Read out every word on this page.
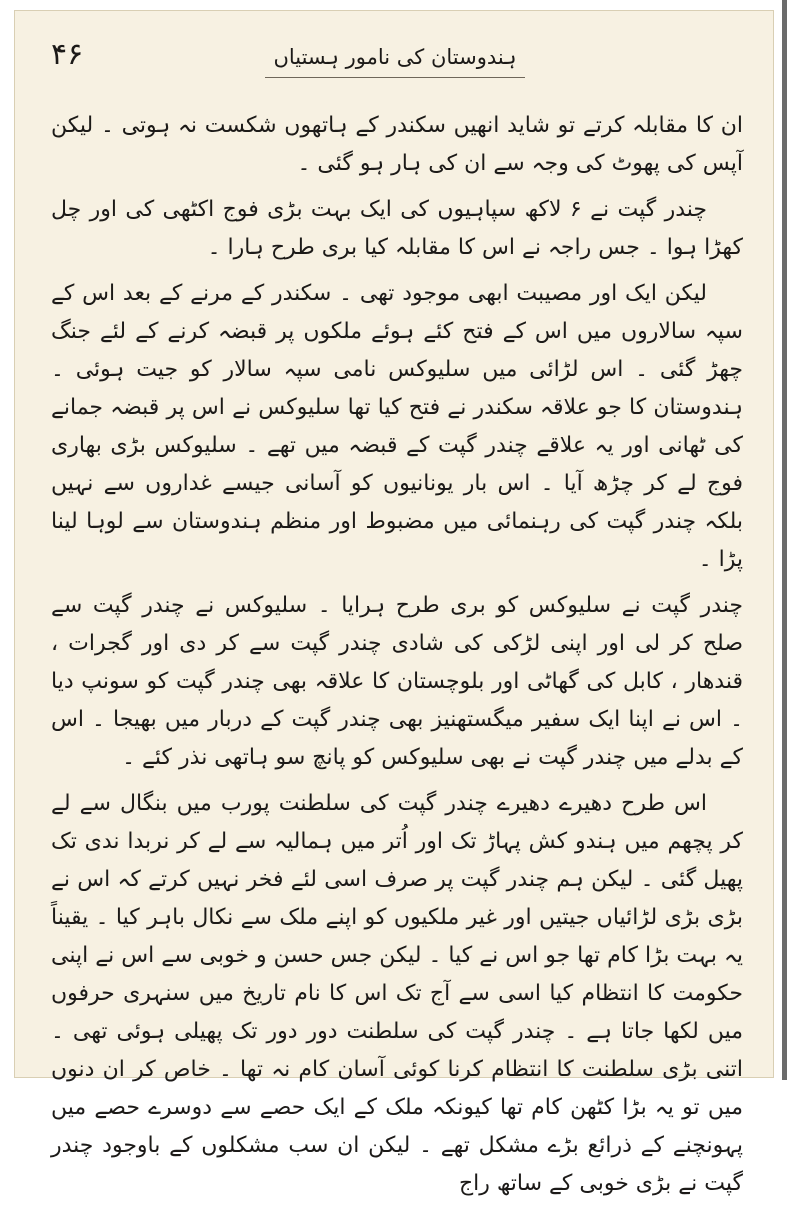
۴۶	ہندوستان کی نامور ہستیاں

ان کا مقابلہ کرتے تو شاید انھیں سکندر کے ہاتھوں شکست نہ ہوتی ۔ لیکن آپس کی پھوٹ کی وجہ سے ان کی ہار ہو گئی ۔

چندر گپت نے ۶ لاکھ سپاہیوں کی ایک بہت بڑی فوج اکٹھی کی اور چل کھڑا ہوا ۔ جس راجہ نے اس کا مقابلہ کیا بری طرح ہارا ۔

لیکن ایک اور مصیبت ابھی موجود تھی ۔ سکندر کے مرنے کے بعد اس کے سپہ سالاروں میں اس کے فتح کئے ہوئے ملکوں پر قبضہ کرنے کے لئے جنگ چھڑ گئی ۔ اس لڑائی میں سلیوکس نامی سپہ سالار کو جیت ہوئی ۔ ہندوستان کا جو علاقہ سکندر نے فتح کیا تھا سلیوکس نے اس پر قبضہ جمانے کی ٹھانی اور یہ علاقے چندر گپت کے قبضہ میں تھے ۔ سلیوکس بڑی بھاری فوج لے کر چڑھ آیا ۔ اس بار یونانیوں کو آسانی جیسے غداروں سے نہیں بلکہ چندر گپت کی رہنمائی میں مضبوط اور منظم ہندوستان سے لوہا لینا پڑا ۔

چندر گپت نے سلیوکس کو بری طرح ہرایا ۔ سلیوکس نے چندر گپت سے صلح کر لی اور اپنی لڑکی کی شادی چندر گپت سے کر دی اور گجرات ، قندھار ، کابل کی گھاٹی اور بلوچستان کا علاقہ بھی چندر گپت کو سونپ دیا ۔ اس نے اپنا ایک سفیر میگستھنیز بھی چندر گپت کے دربار میں بھیجا ۔ اس کے بدلے میں چندر گپت نے بھی سلیوکس کو پانچ سو ہاتھی نذر کئے ۔

اس طرح دھیرے دھیرے چندر گپت کی سلطنت پورب میں بنگال سے لے کر پچھم میں ہندو کش پہاڑ تک اور اُتر میں ہمالیہ سے لے کر نربدا ندی تک پھیل گئی ۔ لیکن ہم چندر گپت پر صرف اسی لئے فخر نہیں کرتے کہ اس نے بڑی بڑی لڑائیاں جیتیں اور غیر ملکیوں کو اپنے ملک سے نکال باہر کیا ۔ یقیناً یہ بہت بڑا کام تھا جو اس نے کیا ۔ لیکن جس حسن و خوبی سے اس نے اپنی حکومت کا انتظام کیا اسی سے آج تک اس کا نام تاریخ میں سنہری حرفوں میں لکھا جاتا ہے ۔ چندر گپت کی سلطنت دور دور تک پھیلی ہوئی تھی ۔ اتنی بڑی سلطنت کا انتظام کرنا کوئی آسان کام نہ تھا ۔ خاص کر ان دنوں میں تو یہ بڑا کٹھن کام تھا کیونکہ ملک کے ایک حصے سے دوسرے حصے میں پہونچنے کے ذرائع بڑے مشکل تھے ۔ لیکن ان سب مشکلوں کے باوجود چندر گپت نے بڑی خوبی کے ساتھ راج
